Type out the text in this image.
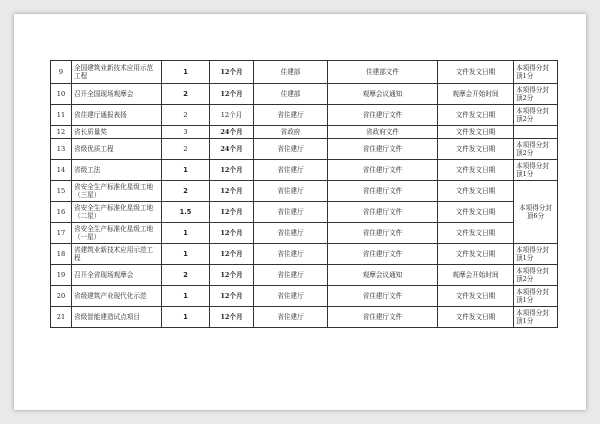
9	全国建筑业新技术应用示范工程	1	12个月	住建部	住建部文件	文件发文日期	本项得分封顶1分
10	召开全国现场观摩会	2	12个月	住建部	观摩会议通知	观摩会开始时间	本项得分封顶2分
11	省住建厅通报表扬	2	12个月	省住建厅	省住建厅文件	文件发文日期	本项得分封顶2分
12	省长质量奖	3	24个月	省政府	省政府文件	文件发文日期	
13	省级优质工程	2	24个月	省住建厅	省住建厅文件	文件发文日期	本项得分封顶2分
14	省级工法	1	12个月	省住建厅	省住建厅文件	文件发文日期	本项得分封顶1分
15	省安全生产标准化星级工地（三星）	2	12个月	省住建厅	省住建厅文件	文件发文日期	本项得分封顶6分
16	省安全生产标准化星级工地（二星）	1.5	12个月	省住建厅	省住建厅文件	文件发文日期	
17	省安全生产标准化星级工地（一星）	1	12个月	省住建厅	省住建厅文件	文件发文日期	
18	省建筑业新技术应用示范工程	1	12个月	省住建厅	省住建厅文件	文件发文日期	本项得分封顶1分
19	召开全省现场观摩会	2	12个月	省住建厅	观摩会议通知	观摩会开始时间	本项得分封顶2分
20	省级建筑产业现代化示范	1	12个月	省住建厅	省住建厅文件	文件发文日期	本项得分封顶1分
21	省级智能建造试点项目	1	12个月	省住建厅	省住建厅文件	文件发文日期	本项得分封顶1分
